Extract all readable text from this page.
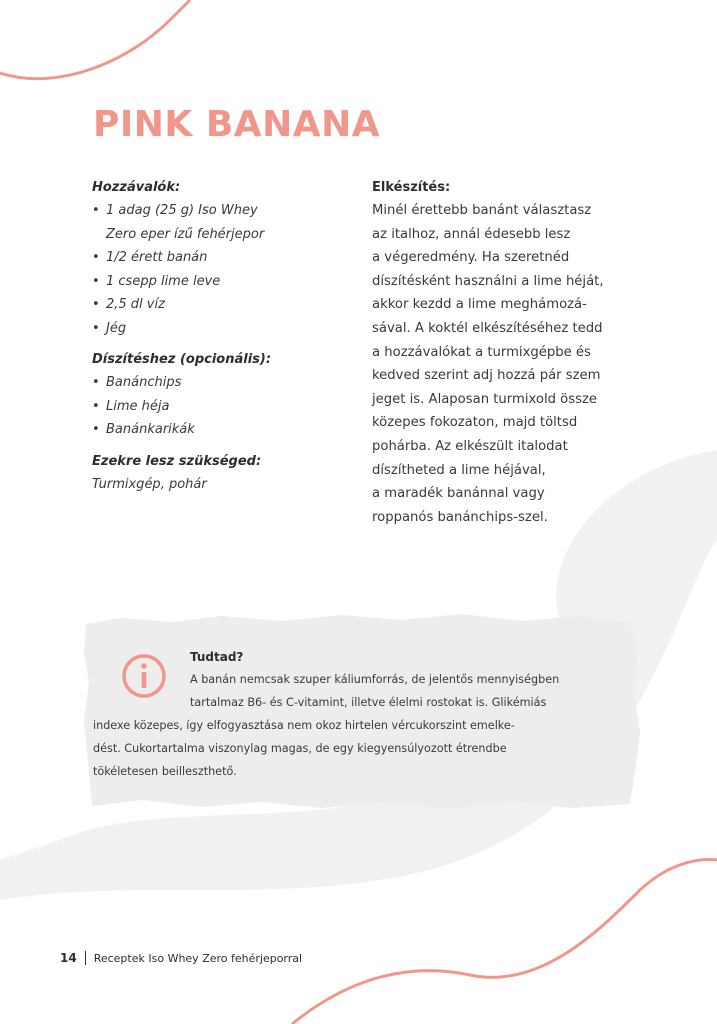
PINK BANANA

Hozzávalók:

• 1 adag (25 g) Iso Whey
Zero eper ízű fehérjepor
• 1/2 érett banán
• 1 csepp lime leve
• 2,5 dl víz
• Jég

Díszítéshez (opcionális):

• Banánchips
• Lime héja
• Banánkarikák

Ezekre lesz szükséged:

Turmixgép, pohár

Elkészítés:

Minél érettebb banánt választasz

az italhoz, annál édesebb lesz

a végeredmény. Ha szeretnéd

díszítésként használni a lime héját,

akkor kezdd a lime meghámozá-

sával. A koktél elkészítéséhez tedd

a hozzávalókat a turmixgépbe és

kedved szerint adj hozzá pár szem

jeget is. Alaposan turmixold össze

közepes fokozaton, majd töltsd

pohárba. Az elkészült italodat

díszítheted a lime héjával,

a maradék banánnal vagy

roppanós banánchips-szel.

Tudtad?

A banán nemcsak szuper káliumforrás, de jelentős mennyiségben

tartalmaz B6- és C-vitamint, illetve élelmi rostokat is. Glikémiás

indexe közepes, így elfogyasztása nem okoz hirtelen vércukorszint emelke-

dést. Cukortartalma viszonylag magas, de egy kiegyensúlyozott étrendbe

tökéletesen beilleszthető.

14 Receptek Iso Whey Zero fehérjeporral
